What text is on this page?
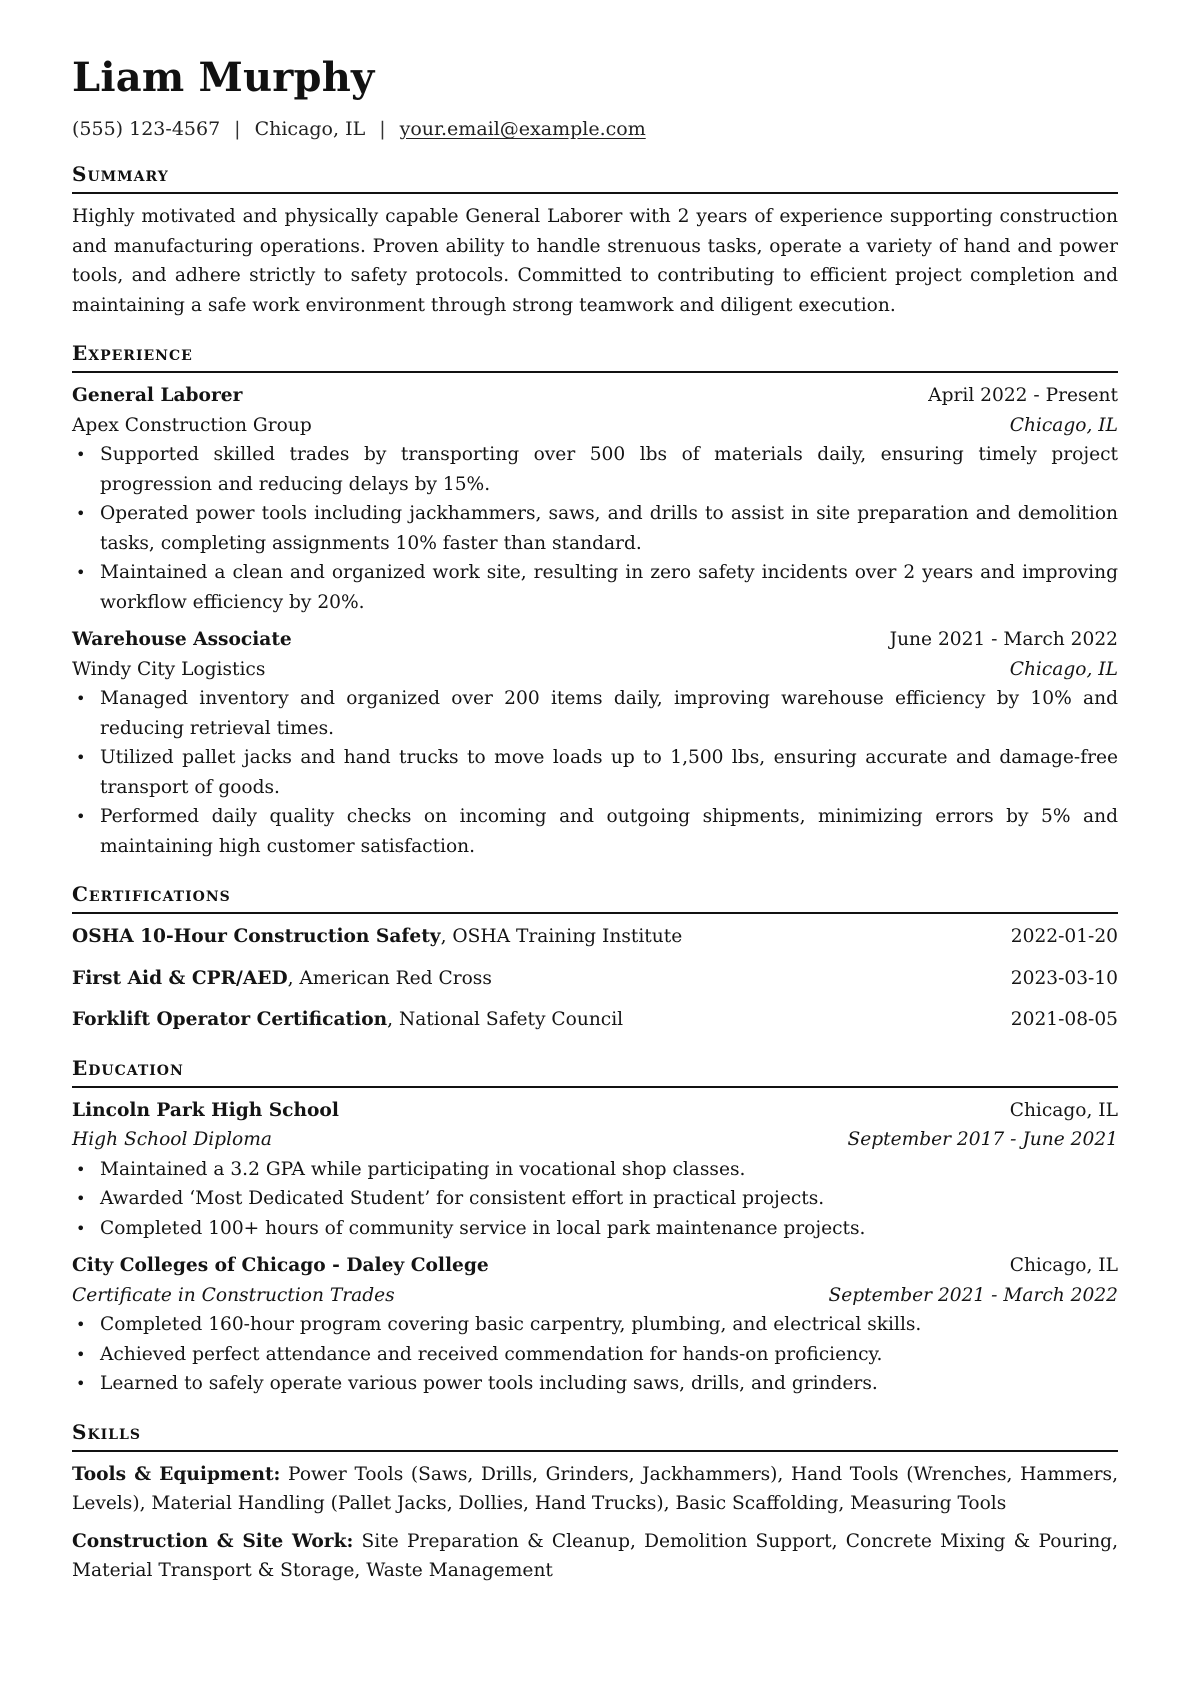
Liam Murphy
(555) 123-4567 | Chicago, IL | your.email@example.com
Summary

Highly motivated and physically capable General Laborer with 2 years of experience supporting construction and manufacturing operations. Proven ability to handle strenuous tasks, operate a variety of hand and power tools, and adhere strictly to safety protocols. Committed to contributing to efficient project completion and maintaining a safe work environment through strong teamwork and diligent execution.

Experience
General Laborer	April 2022 - Present
Apex Construction Group	Chicago, IL
• Supported skilled trades by transporting over 500 lbs of materials daily, ensuring timely project progression and reducing delays by 15%.
• Operated power tools including jackhammers, saws, and drills to assist in site preparation and demolition tasks, completing assignments 10% faster than standard.
• Maintained a clean and organized work site, resulting in zero safety incidents over 2 years and improving workflow efficiency by 20%.
Warehouse Associate	June 2021 - March 2022
Windy City Logistics	Chicago, IL
• Managed inventory and organized over 200 items daily, improving warehouse efficiency by 10% and reducing retrieval times.
• Utilized pallet jacks and hand trucks to move loads up to 1,500 lbs, ensuring accurate and damage-free transport of goods.
• Performed daily quality checks on incoming and outgoing shipments, minimizing errors by 5% and maintaining high customer satisfaction.
Certifications
OSHA 10-Hour Construction Safety, OSHA Training Institute	2022-01-20
First Aid & CPR/AED, American Red Cross	2023-03-10
Forklift Operator Certification, National Safety Council	2021-08-05
Education
Lincoln Park High School	Chicago, IL
High School Diploma	September 2017 - June 2021
• Maintained a 3.2 GPA while participating in vocational shop classes.
• Awarded ‘Most Dedicated Student’ for consistent effort in practical projects.
• Completed 100+ hours of community service in local park maintenance projects.
City Colleges of Chicago - Daley College	Chicago, IL
Certificate in Construction Trades	September 2021 - March 2022
• Completed 160-hour program covering basic carpentry, plumbing, and electrical skills.
• Achieved perfect attendance and received commendation for hands-on proficiency.
• Learned to safely operate various power tools including saws, drills, and grinders.
Skills

Tools & Equipment: Power Tools (Saws, Drills, Grinders, Jackhammers), Hand Tools (Wrenches, Hammers, Levels), Material Handling (Pallet Jacks, Dollies, Hand Trucks), Basic Scaffolding, Measuring Tools

Construction & Site Work: Site Preparation & Cleanup, Demolition Support, Concrete Mixing & Pouring, Material Transport & Storage, Waste Management
